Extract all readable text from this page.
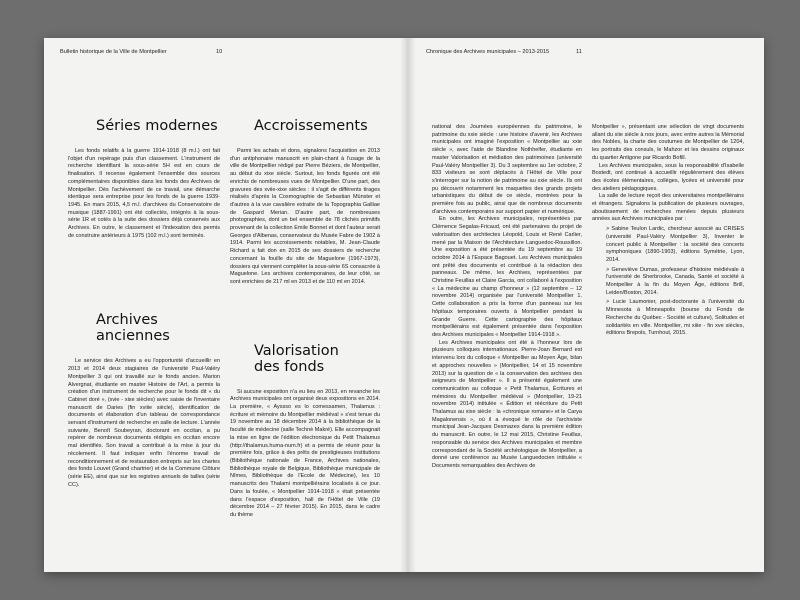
Bulletin historique de la Ville de Montpellier	10
Séries modernes

Les fonds relatifs à la guerre 1914-1918 (8 m.l.) ont fait l'objet d'un repérage puis d'un classement. L'instrument de recherche identifiant la sous-série 5H est en cours de finalisation. Il recense également l'ensemble des sources complémentaires disponibles dans les fonds des Archives de Montpellier. Dès l'achèvement de ce travail, une démarche identique sera entreprise pour les fonds de la guerre 1939-1945. En mars 2015, 4,5 m.l. d'archives du Conservatoire de musique (1887-1991) ont été collectés, intégrés à la sous-série 1R et cotés à la suite des dossiers déjà conservés aux Archives. En outre, le classement et l'indexation des permis de construire antérieurs à 1975 (102 m.l.) sont terminés.

Archives anciennes

Le service des Archives a eu l'opportunité d'accueillir en 2013 et 2014 deux stagiaires de l'université Paul-Valéry Montpellier 3 qui ont travaillé sur le fonds ancien. Marion Alvergnat, étudiante en master Histoire de l'Art, a permis la création d'un instrument de recherche pour le fonds dit « du Cabinet doré », (xvie - xixe siècles) avec saisie de l'inventaire manuscrit de Daries (fin xviiie siècle), identification de documents et élaboration d'un tableau de correspondance servant d'instrument de recherche en salle de lecture. L'année suivante, Benoît Soubeyran, doctorant en occitan, a pu repérer de nombreux documents rédigés en occitan encore mal identifiés. Son travail a contribué à la mise à jour du récolement. Il faut indiquer enfin l'énorme travail de reconditionnement et de restauration entrepris sur les chartes des fonds Louvet (Grand chartrier) et de la Commune Clôture (série EE), ainsi que sur les registres annuels de tailles (série CC).

Accroissements

Parmi les achats et dons, signalons l'acquisition en 2013 d'un antiphonaire manuscrit en plain-chant à l'usage de la ville de Montpellier rédigé par Pierre Béziers, de Montpellier, au début du xixe siècle. Surtout, les fonds figurés ont été enrichis de nombreuses vues de Montpellier. D'une part, des gravures des xviie-xixe siècles : il s'agit de différents tirages réalisés d'après la Cosmographie de Sebastian Münster et d'autres à la vue cavalière extraite de la Topographia Galliae de Gaspard Merian. D'autre part, de nombreuses photographies, dont un bel ensemble de 78 clichés primitifs provenant de la collection Emile Bonnet et dont l'auteur serait Georges d'Albenas, conservateur du Musée Fabre de 1902 à 1914. Parmi les accroissements notables, M. Jean-Claude Richard a fait don en 2015 de ses dossiers de recherche concernant la fouille du site de Maguelone (1967-1973), dossiers qui viennent compléter la sous-série 6S consacrée à Maguelone. Les archives contemporaines, de leur côté, se sont enrichies de 217 ml en 2013 et de 110 ml en 2014.

Valorisation des fonds

Si aucune exposition n'a eu lieu en 2013, en revanche les Archives municipales ont organisé deux expositions en 2014. La première, « Ayssso es lo comessamen, Thalamus : écriture et mémoire du Montpellier médiéval » s'est tenue du 19 novembre au 18 décembre 2014 à la bibliothèque de la faculté de médecine (salle Technè Makré). Elle accompagnait la mise en ligne de l'édition électronique du Petit Thalamus (http://thalamus.huma-num.fr) et a permis de réunir pour la première fois, grâce à des prêts de prestigieuses institutions (Bibliothèque nationale de France, Archives nationales, Bibliothèque royale de Belgique, Bibliothèque municipale de Nîmes, Bibliothèque de l'Ecole de Médecine), les 10 manuscrits des Thalami montpelliérains localisés à ce jour. Dans la foulée, « Montpellier 1914-1918 » était présentée dans l'espace d'exposition, hall de l'Hôtel de Ville (19 décembre 2014 – 27 février 2015). En 2015, dans le cadre du thème

Chronique des Archives municipales – 2013-2015	11

national des Journées européennes du patrimoine, le patrimoine du xxie siècle : une histoire d'avenir, les Archives municipales ont imaginé l'exposition « Montpellier au xxie siècle », avec l'aide de Blandine Nothhelfer, étudiante en master Valorisation et médiation des patrimoines (université Paul-Valéry Montpellier 3). Du 3 septembre au 1er octobre, 2 833 visiteurs se sont déplacés à l'Hôtel de Ville pour s'interroger sur la notion de patrimoine au xxie siècle. Ils ont pu découvrir notamment les maquettes des grands projets urbanistiques du début de ce siècle, montrées pour la première fois au public, ainsi que de nombreux documents d'archives contemporains sur support papier et numérique.

En outre, les Archives municipales, représentées par Clémence Segalas-Fricaud, ont été partenaires du projet de valorisation des architectes Léopold, Louis et René Carlier, mené par la Maison de l'Architecture Languedoc-Roussillon. Une exposition a été présentée du 19 septembre au 19 octobre 2014 à l'Espace Bagouet. Les Archives municipales ont prêté des documents et contribué à la rédaction des panneaux. De même, les Archives, représentées par Christine Feuillas et Claire Garcia, ont collaboré à l'exposition « La médecine au champ d'honneur » (12 septembre – 12 novembre 2014) organisée par l'université Montpellier 1. Cette collaboration a pris la forme d'un panneau sur les hôpitaux temporaires ouverts à Montpellier pendant la Grande Guerre. Cette cartographie des hôpitaux montpelliérains est également présentée dans l'exposition des Archives municipales « Montpellier 1914-1918 ».

Les Archives municipales ont été à l'honneur lors de plusieurs colloques internationaux. Pierre-Joan Bernard est intervenu lors du colloque « Montpellier au Moyen Âge, bilan et approches nouvelles » (Montpellier, 14 et 15 novembre 2013) sur la question de « la conservation des archives des seigneurs de Montpellier ». Il a présenté également une communication au colloque « Petit Thalamus, Écritures et mémoires du Montpellier médiéval » (Montpellier, 19-21 novembre 2014) intitulée « Édition et réécriture du Petit Thalamus au xixe siècle : la «chronique romane» et le Carya Magalonensis », où il a évoqué le rôle de l'archiviste municipal Jean-Jacques Desmazes dans la première édition du manuscrit. En outre, le 12 mai 2015, Christine Feuillas, responsable du service des Archives municipales et membre correspondant de la Société archéologique de Montpellier, a donné une conférence au Musée Languedocien intitulée « Documents remarquables des Archives de

Montpellier », présentant une sélection de vingt documents allant du xiie siècle à nos jours, avec entre autres la Mémorial des Nobles, la charte des coutumes de Montpellier de 1204, les portraits des consuls, le Mahzor et les dessins originaux du quartier Antigone par Ricardo Bofill.

Les Archives municipales, sous la responsabilité d'Isabelle Bostedt, ont continué à accueillir régulièrement des élèves des écoles élémentaires, collèges, lycées et université pour des ateliers pédagogiques.

La salle de lecture reçoit des universitaires montpelliérains et étrangers. Signalons la publication de plusieurs ouvrages, aboutissement de recherches menées depuis plusieurs années aux Archives municipales par :

> Sabine Teulon Lardic, chercheur associé au CRISES (université Paul-Valéry Montpellier 3), Inventer le concert public à Montpellier : la société des concerts symphoniques (1890-1903), éditions Symétrie, Lyon, 2014.

> Geneviève Dumas, professeur d'histoire médiévale à l'université de Sherbrooke, Canada, Santé et société à Montpellier à la fin du Moyen Âge, éditions Brill, Leiden/Boston, 2014.

> Lucie Laumonier, post-doctorante à l'université du Minnesota à Minneapolis (bourse du Fonds de Recherche du Québec - Société et culture), Solitudes et solidarités en ville. Montpellier, mi xiiie - fin xve siècles, éditions Brepols, Turnhout, 2015.
